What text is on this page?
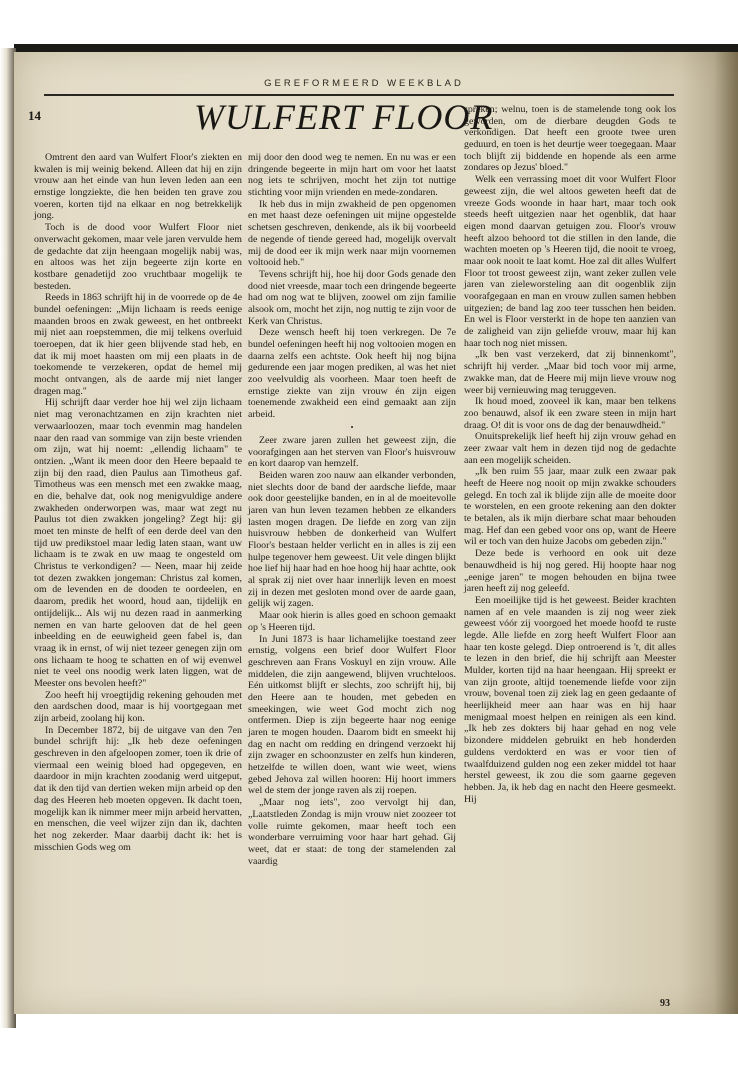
GEREFORMEERD WEEKBLAD
14	WULFERT FLOOR

Omtrent den aard van Wulfert Floor's ziekten en kwalen is mij weinig bekend. Alleen dat hij en zijn vrouw aan het einde van hun leven leden aan een ernstige longziekte, die hen beiden ten grave zou voeren, korten tijd na elkaar en nog betrekkelijk jong.

Toch is de dood voor Wulfert Floor niet onverwacht gekomen, maar vele jaren vervulde hem de gedachte dat zijn heengaan mogelijk nabij was, en altoos was het zijn begeerte zijn korte en kostbare genadetijd zoo vruchtbaar mogelijk te besteden.

Reeds in 1863 schrijft hij in de voorrede op de 4e bundel oefeningen: „Mijn lichaam is reeds eenige maanden broos en zwak geweest, en het ontbreekt mij niet aan roepstemmen, die mij telkens overluid toeroepen, dat ik hier geen blijvende stad heb, en dat ik mij moet haasten om mij een plaats in de toekomende te verzekeren, opdat de hemel mij mocht ontvangen, als de aarde mij niet langer dragen mag."

Hij schrijft daar verder hoe hij wel zijn lichaam niet mag veronachtzamen en zijn krachten niet verwaarloozen, maar toch evenmin mag handelen naar den raad van sommige van zijn beste vrienden om zijn, wat hij noemt: „ellendig lichaam" te ontzien. „Want ik meen door den Heere bepaald te zijn bij den raad, dien Paulus aan Timotheus gaf. Timotheus was een mensch met een zwakke maag, en die, behalve dat, ook nog menigvuldige andere zwakheden onderworpen was, maar wat zegt nu Paulus tot dien zwakken jongeling? Zegt hij: gij moet ten minste de helft of een derde deel van den tijd uw predikstoel maar ledig laten staan, want uw lichaam is te zwak en uw maag te ongesteld om Christus te verkondigen? — Neen, maar hij zeide tot dezen zwakken jongeman: Christus zal komen, om de levenden en de dooden te oordeelen, en daarom, predik het woord, houd aan, tijdelijk en ontijdelijk... Als wij nu dezen raad in aanmerking nemen en van harte gelooven dat de hel geen inbeelding en de eeuwigheid geen fabel is, dan vraag ik in ernst, of wij niet tezeer genegen zijn om ons lichaam te hoog te schatten en of wij evenwel niet te veel ons noodig werk laten liggen, wat de Meester ons bevolen heeft?"

Zoo heeft hij vroegtijdig rekening gehouden met den aardschen dood, maar is hij voortgegaan met zijn arbeid, zoolang hij kon.

In December 1872, bij de uitgave van den 7en bundel schrijft hij: „Ik heb deze oefeningen geschreven in den afgeloopen zomer, toen ik drie of viermaal een weinig bloed had opgegeven, en daardoor in mijn krachten zoodanig werd uitgeput, dat ik den tijd van dertien weken mijn arbeid op den dag des Heeren heb moeten opgeven. Ik dacht toen, mogelijk kan ik nimmer meer mijn arbeid hervatten, en menschen, die veel wijzer zijn dan ik, dachten het nog zekerder. Maar daarbij dacht ik: het is misschien Gods weg om

mij door den dood weg te nemen. En nu was er een dringende begeerte in mijn hart om voor het laatst nog iets te schrijven, mocht het zijn tot nuttige stichting voor mijn vrienden en mede-zondaren.

Ik heb dus in mijn zwakheid de pen opgenomen en met haast deze oefeningen uit mijne opgestelde schetsen geschreven, denkende, als ik bij voorbeeld de negende of tiende gereed had, mogelijk overvalt mij de dood eer ik mijn werk naar mijn voornemen voltooid heb."

Tevens schrijft hij, hoe hij door Gods genade den dood niet vreesde, maar toch een dringende begeerte had om nog wat te blijven, zoowel om zijn familie alsook om, mocht het zijn, nog nuttig te zijn voor de Kerk van Christus.

Deze wensch heeft hij toen verkregen. De 7e bundel oefeningen heeft hij nog voltooien mogen en daarna zelfs een achtste. Ook heeft hij nog bijna gedurende een jaar mogen prediken, al was het niet zoo veelvuldig als voorheen. Maar toen heeft de ernstige ziekte van zijn vrouw én zijn eigen toenemende zwakheid een eind gemaakt aan zijn arbeid.

•

Zeer zware jaren zullen het geweest zijn, die voorafgingen aan het sterven van Floor's huisvrouw en kort daarop van hemzelf.

Beiden waren zoo nauw aan elkander verbonden, niet slechts door de band der aardsche liefde, maar ook door geestelijke banden, en in al de moeitevolle jaren van hun leven tezamen hebben ze elkanders lasten mogen dragen. De liefde en zorg van zijn huisvrouw hebben de donkerheid van Wulfert Floor's bestaan helder verlicht en in alles is zij een hulpe tegenover hem geweest. Uit vele dingen blijkt hoe lief hij haar had en hoe hoog hij haar achtte, ook al sprak zij niet over haar innerlijk leven en moest zij in dezen met gesloten mond over de aarde gaan, gelijk wij zagen.

Maar ook hierin is alles goed en schoon gemaakt op 's Heeren tijd.

In Juni 1873 is haar lichamelijke toestand zeer ernstig, volgens een brief door Wulfert Floor geschreven aan Frans Voskuyl en zijn vrouw. Alle middelen, die zijn aangewend, blijven vruchteloos. Eén uitkomst blijft er slechts, zoo schrijft hij, bij den Heere aan te houden, met gebeden en smeekingen, wie weet God mocht zich nog ontfermen. Diep is zijn begeerte haar nog eenige jaren te mogen houden. Daarom bidt en smeekt hij dag en nacht om redding en dringend verzoekt hij zijn zwager en schoonzuster en zelfs hun kinderen, hetzelfde te willen doen, want wie weet, wiens gebed Jehova zal willen hooren: Hij hoort immers wel de stem der jonge raven als zij roepen.

„Maar nog iets", zoo vervolgt hij dan, „Laatstleden Zondag is mijn vrouw niet zoozeer tot volle ruimte gekomen, maar heeft toch een wonderbare verruiming voor haar hart gehad. Gij weet, dat er staat: de tong der stamelenden zal vaardig

spreken; welnu, toen is de stamelende tong ook los geworden, om de dierbare deugden Gods te verkondigen. Dat heeft een groote twee uren geduurd, en toen is het deurtje weer toegegaan. Maar toch blijft zij biddende en hopende als een arme zondares op Jezus' bloed."

Welk een verrassing moet dit voor Wulfert Floor geweest zijn, die wel altoos geweten heeft dat de vreeze Gods woonde in haar hart, maar toch ook steeds heeft uitgezien naar het ogenblik, dat haar eigen mond daarvan getuigen zou. Floor's vrouw heeft alzoo behoord tot die stillen in den lande, die wachten moeten op 's Heeren tijd, die nooit te vroeg, maar ook nooit te laat komt. Hoe zal dit alles Wulfert Floor tot troost geweest zijn, want zeker zullen vele jaren van zieleworsteling aan dit oogenblik zijn voorafgegaan en man en vrouw zullen samen hebben uitgezien; de band lag zoo teer tusschen hen beiden. En wel is Floor versterkt in de hope ten aanzien van de zaligheid van zijn geliefde vrouw, maar hij kan haar toch nog niet missen.

„Ik ben vast verzekerd, dat zij binnenkomt", schrijft hij verder. „Maar bid toch voor mij arme, zwakke man, dat de Heere mij mijn lieve vrouw nog weer bij vernieuwing mag teruggeven.

Ik houd moed, zooveel ik kan, maar ben telkens zoo benauwd, alsof ik een zware steen in mijn hart draag. O! dit is voor ons de dag der benauwdheid."

Onuitsprekelijk lief heeft hij zijn vrouw gehad en zeer zwaar valt hem in dezen tijd nog de gedachte aan een mogelijk scheiden.

„Ik ben ruim 55 jaar, maar zulk een zwaar pak heeft de Heere nog nooit op mijn zwakke schouders gelegd. En toch zal ik blijde zijn alle de moeite door te worstelen, en een groote rekening aan den dokter te betalen, als ik mijn dierbare schat maar behouden mag. Hef dan een gebed voor ons op, want de Heere wil er toch van den huize Jacobs om gebeden zijn."

Deze bede is verhoord en ook uit deze benauwdheid is hij nog gered. Hij hoopte haar nog „eenige jaren" te mogen behouden en bijna twee jaren heeft zij nog geleefd.

Een moeilijke tijd is het geweest. Beider krachten namen af en vele maanden is zij nog weer ziek geweest vóór zij voorgoed het moede hoofd te ruste legde. Alle liefde en zorg heeft Wulfert Floor aan haar ten koste gelegd. Diep ontroerend is 't, dit alles te lezen in den brief, die hij schrijft aan Meester Mulder, korten tijd na haar heengaan. Hij spreekt er van zijn groote, altijd toenemende liefde voor zijn vrouw, bovenal toen zij ziek lag en geen gedaante of heerlijkheid meer aan haar was en hij haar menigmaal moest helpen en reinigen als een kind. „Ik heb zes dokters bij haar gehad en nog vele bizondere middelen gebruikt en heb honderden guldens verdokterd en was er voor tien of twaalfduizend gulden nog een zeker middel tot haar herstel geweest, ik zou die som gaarne gegeven hebben. Ja, ik heb dag en nacht den Heere gesmeekt. Hij

93
